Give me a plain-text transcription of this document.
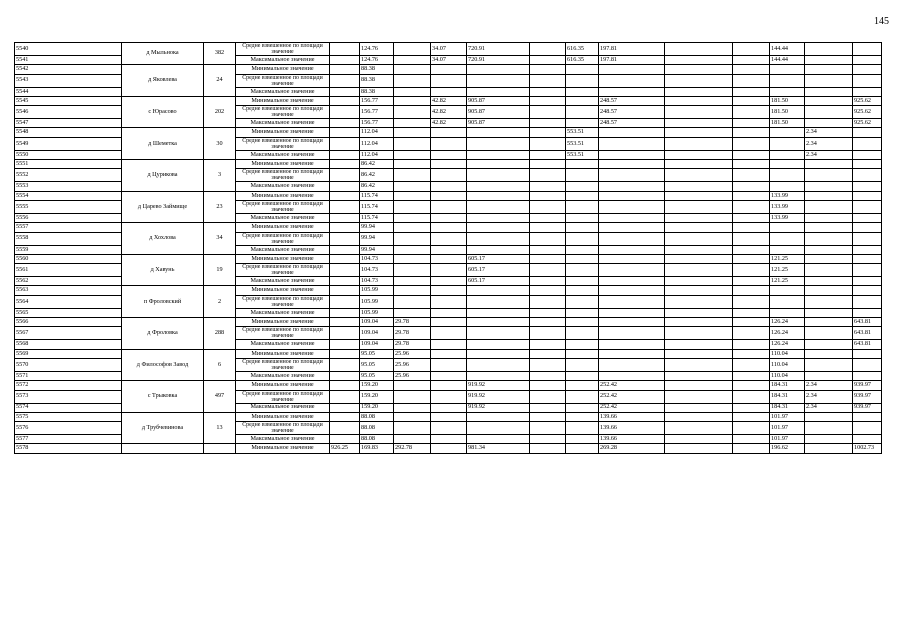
145
5540	д Мыльнока	382	Средне взвешенное по площади значение		124.76		34.07	720.91		616.35	197.81			144.44		
5541			Максимальное значение		124.76		34.07	720.91		616.35	197.81			144.44		
5542	д Яковлева	24	Минимальное значение		88.38											
5543			Средне взвешенное по площади значение		88.38											
5544			Максимальное значение		88.38											
5545	с Юрасово	202	Минимальное значение		156.77		42.82	905.87			248.57			181.50		925.62
5546			Средне взвешенное по площади значение		156.77		42.82	905.87			248.57			181.50		925.62
5547			Максимальное значение		156.77		42.82	905.87			248.57			181.50		925.62
5548	д Шеметка	30	Минимальное значение		112.04					553.51					2.34	
5549			Средне взвешенное по площади значение		112.04					553.51					2.34	
5550			Максимальное значение		112.04					553.51					2.34	
5551	д Цурикова	3	Минимальное значение		86.42											
5552			Средне взвешенное по площади значение		86.42											
5553			Максимальное значение		86.42											
5554	д Царево Займище	23	Минимальное значение		115.74									133.99		
5555			Средне взвешенное по площади значение		115.74									133.99		
5556			Максимальное значение		115.74									133.99		
5557	д Хохлова	34	Минимальное значение		99.94											
5558			Средне взвешенное по площади значение		99.94											
5559			Максимальное значение		99.94											
5560	д Хавунь	19	Минимальное значение		104.73			605.17						121.25		
5561			Средне взвешенное по площади значение		104.73			605.17						121.25		
5562			Максимальное значение		104.73			605.17						121.25		
5563	п Фроловский	2	Минимальное значение		105.99											
5564			Средне взвешенное по площади значение		105.99											
5565			Максимальное значение		105.99											
5566	д Фроловка	288	Минимальное значение		109.04	29.78								126.24		643.81
5567			Средне взвешенное по площади значение		109.04	29.78								126.24		643.81
5568			Максимальное значение		109.04	29.78								126.24		643.81
5569	д Философов Завод	6	Минимальное значение		95.05	25.96								110.04		
5570			Средне взвешенное по площади значение		95.05	25.96								110.04		
5571			Максимальное значение		95.05	25.96								110.04		
5572	с Трыковка	497	Минимальное значение		159.20			919.92			252.42			184.31	2.34	939.97
5573			Средне взвешенное по площади значение		159.20			919.92			252.42			184.31	2.34	939.97
5574			Максимальное значение		159.20			919.92			252.42			184.31	2.34	939.97
5575	д Трубчевинова	13	Минимальное значение		88.08						139.66			101.97		
5576			Средне взвешенное по площади значение		88.08						139.66			101.97		
5577			Максимальное значение		88.08						139.66			101.97		
5578			Минимальное значение	926.25	169.83	292.78		981.34			269.28			196.62		1002.73
